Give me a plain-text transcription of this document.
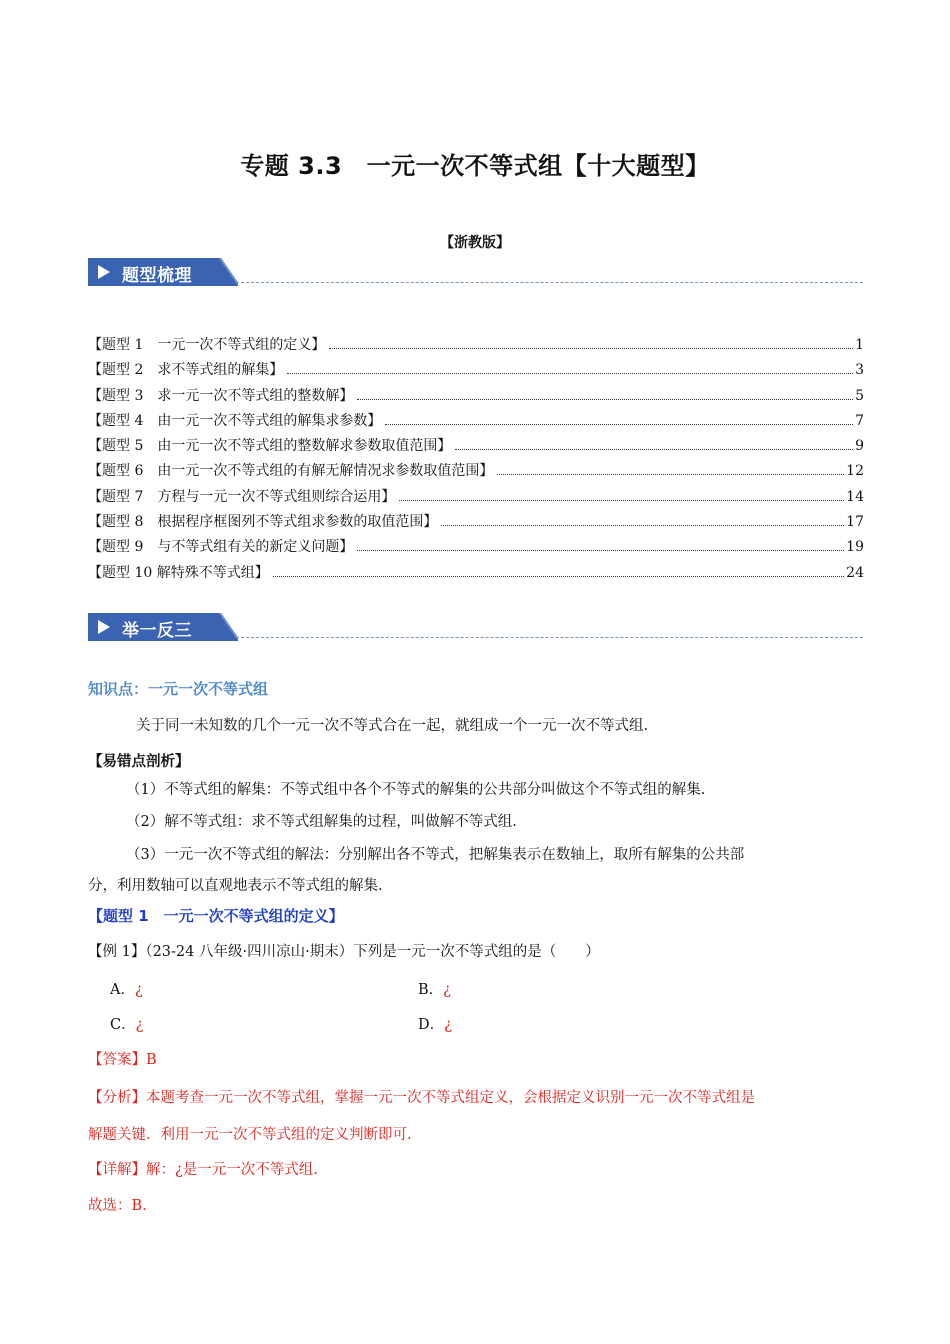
专题 3.3　一元一次不等式组【十大题型】
【浙教版】
题型梳理
【题型 1　一元一次不等式组的定义】	1
【题型 2　求不等式组的解集】	3
【题型 3　求一元一次不等式组的整数解】	5
【题型 4　由一元一次不等式组的解集求参数】	7
【题型 5　由一元一次不等式组的整数解求参数取值范围】	9
【题型 6　由一元一次不等式组的有解无解情况求参数取值范围】	12
【题型 7　方程与一元一次不等式组则综合运用】	14
【题型 8　根据程序框图列不等式组求参数的取值范围】	17
【题型 9　与不等式组有关的新定义问题】	19
【题型 10 解特殊不等式组】	24
举一反三
知识点：一元一次不等式组
关于同一未知数的几个一元一次不等式合在一起，就组成一个一元一次不等式组.
【易错点剖析】
（1）不等式组的解集：不等式组中各个不等式的解集的公共部分叫做这个不等式组的解集.
（2）解不等式组：求不等式组解集的过程，叫做解不等式组.
（3）一元一次不等式组的解法：分别解出各不等式，把解集表示在数轴上，取所有解集的公共部
分，利用数轴可以直观地表示不等式组的解集.
【题型 1　一元一次不等式组的定义】
【例 1】（23-24 八年级·四川凉山·期末）下列是一元一次不等式组的是（　　）
A．¿	B．¿
C．¿	D．¿
【答案】B
【分析】本题考查一元一次不等式组，掌握一元一次不等式组定义，会根据定义识别一元一次不等式组是
解题关键．利用一元一次不等式组的定义判断即可.
【详解】解：¿是一元一次不等式组.
故选：B.
